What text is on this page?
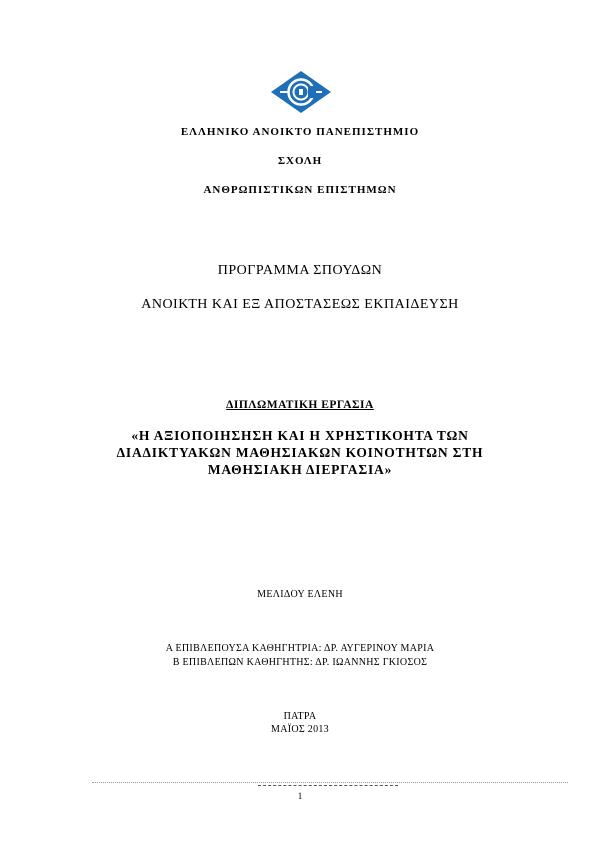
ΕΛΛΗΝΙΚΟ ΑΝΟΙΚΤΟ ΠΑΝΕΠΙΣΤΗΜΙΟ
ΣΧΟΛΗ
ΑΝΘΡΩΠΙΣΤΙΚΩΝ ΕΠΙΣΤΗΜΩΝ
ΠΡΟΓΡΑΜΜΑ ΣΠΟΥΔΩΝ
ΑΝΟΙΚΤΗ ΚΑΙ ΕΞ ΑΠΟΣΤΑΣΕΩΣ ΕΚΠΑΙΔΕΥΣΗ
ΔΙΠΛΩΜΑΤΙΚΗ ΕΡΓΑΣΙΑ
«Η ΑΞΙΟΠΟΙΗΣΗΣΗ ΚΑΙ Η ΧΡΗΣΤΙΚΟΗΤΑ ΤΩΝ
ΔΙΑΔΙΚΤΥΑΚΩΝ ΜΑΘΗΣΙΑΚΩΝ ΚΟΙΝΟΤΗΤΩΝ ΣΤΗ
ΜΑΘΗΣΙΑΚΗ ΔΙΕΡΓΑΣΙΑ»
ΜΕΛΙΔΟΥ ΕΛΕΝΗ
Α ΕΠΙΒΛΕΠΟΥΣΑ ΚΑΘΗΓΗΤΡΙΑ: ΔΡ. ΑΥΓΕΡΙΝΟΥ ΜΑΡΙΑ
Β ΕΠΙΒΛΕΠΩΝ ΚΑΘΗΓΗΤΗΣ: ΔΡ. ΙΩΑΝΝΗΣ ΓΚΙΟΣΟΣ
ΠΑΤΡΑ
ΜΑΪΟΣ 2013
1
